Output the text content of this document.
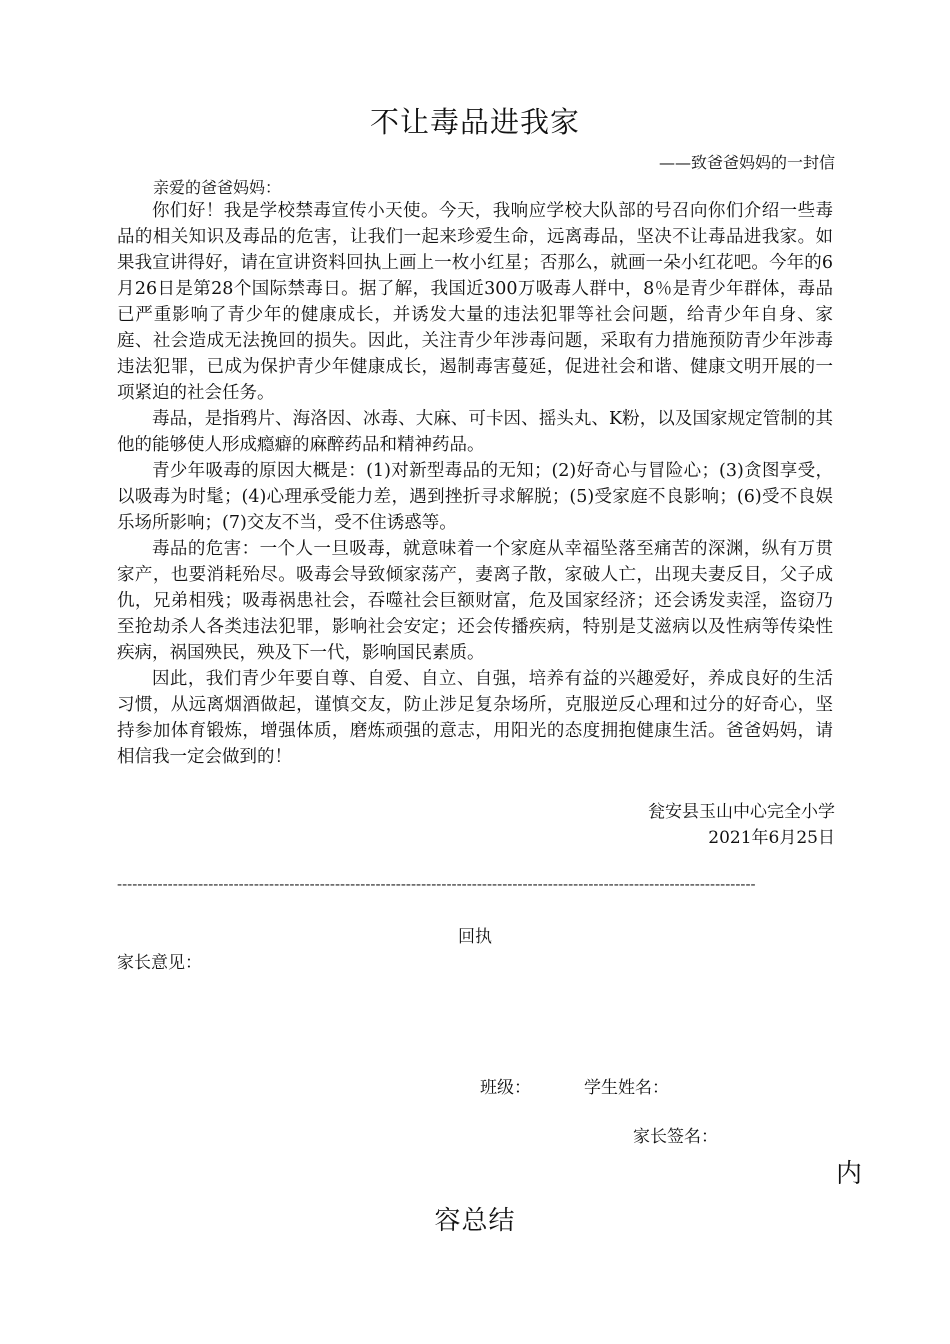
不让毒品进我家
——致爸爸妈妈的一封信
亲爱的爸爸妈妈：

你们好！我是学校禁毒宣传小天使。今天，我响应学校大队部的号召向你们介绍一些毒品的相关知识及毒品的危害，让我们一起来珍爱生命，远离毒品，坚决不让毒品进我家。如果我宣讲得好，请在宣讲资料回执上画上一枚小红星；否那么，就画一朵小红花吧。今年的6月26日是第28个国际禁毒日。据了解，我国近300万吸毒人群中，8％是青少年群体，毒品已严重影响了青少年的健康成长，并诱发大量的违法犯罪等社会问题，给青少年自身、家庭、社会造成无法挽回的损失。因此，关注青少年涉毒问题，采取有力措施预防青少年涉毒违法犯罪，已成为保护青少年健康成长，遏制毒害蔓延，促进社会和谐、健康文明开展的一项紧迫的社会任务。

毒品，是指鸦片、海洛因、冰毒、大麻、可卡因、摇头丸、K粉，以及国家规定管制的其他的能够使人形成瘾癖的麻醉药品和精神药品。

青少年吸毒的原因大概是：(1)对新型毒品的无知；(2)好奇心与冒险心；(3)贪图享受，以吸毒为时髦；(4)心理承受能力差，遇到挫折寻求解脱；(5)受家庭不良影响；(6)受不良娱乐场所影响；(7)交友不当，受不住诱惑等。

毒品的危害：一个人一旦吸毒，就意味着一个家庭从幸福坠落至痛苦的深渊，纵有万贯家产，也要消耗殆尽。吸毒会导致倾家荡产，妻离子散，家破人亡，出现夫妻反目，父子成仇，兄弟相残；吸毒祸患社会，吞噬社会巨额财富，危及国家经济；还会诱发卖淫，盗窃乃至抢劫杀人各类违法犯罪，影响社会安定；还会传播疾病，特别是艾滋病以及性病等传染性疾病，祸国殃民，殃及下一代，影响国民素质。

因此，我们青少年要自尊、自爱、自立、自强，培养有益的兴趣爱好，养成良好的生活习惯，从远离烟酒做起，谨慎交友，防止涉足复杂场所，克服逆反心理和过分的好奇心，坚持参加体育锻炼，增强体质，磨炼顽强的意志，用阳光的态度拥抱健康生活。爸爸妈妈，请相信我一定会做到的！

瓮安县玉山中心完全小学
2021年6月25日
------------------------------------------------------------------------------------------------------------------------------
回执
家长意见：
班级：	学生姓名：
家长签名：
内
容总结
